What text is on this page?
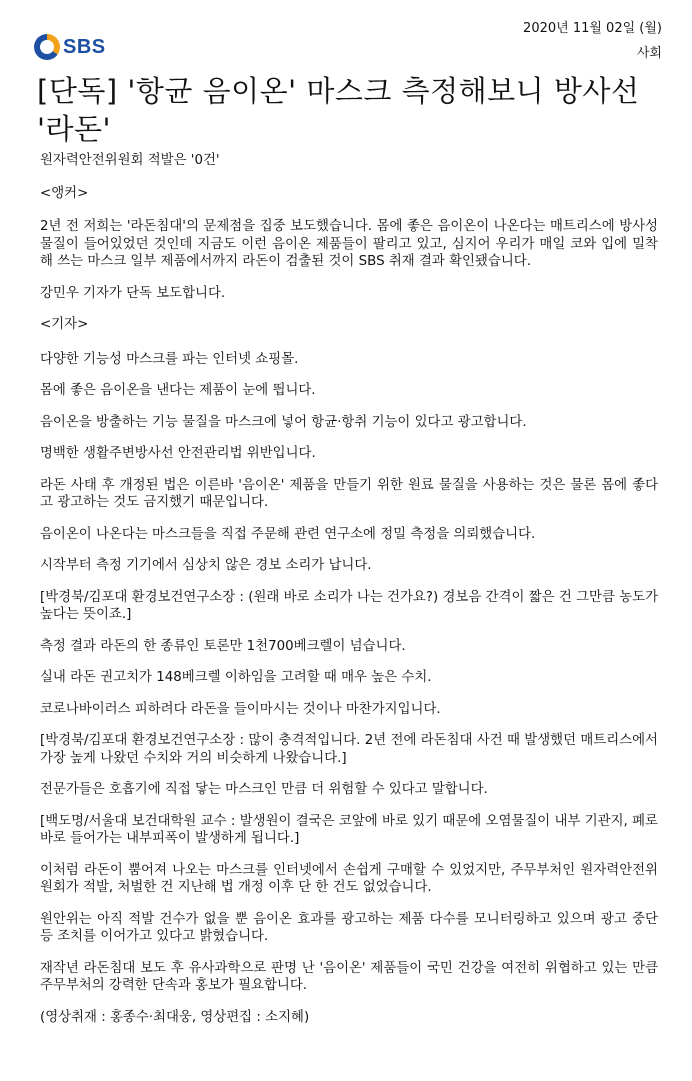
SBS
2020년 11월 02일 (월)
사회
[단독] '항균 음이온' 마스크 측정해보니 방사선 '라돈'

원자력안전위원회 적발은 '0건'

<앵커>

2년 전 저희는 '라돈침대'의 문제점을 집중 보도했습니다. 몸에 좋은 음이온이 나온다는 매트리스에 방사성 물질이 들어있었던 것인데 지금도 이런 음이온 제품들이 팔리고 있고, 심지어 우리가 매일 코와 입에 밀착해 쓰는 마스크 일부 제품에서까지 라돈이 검출된 것이 SBS 취재 결과 확인됐습니다.

강민우 기자가 단독 보도합니다.

<기자>

다양한 기능성 마스크를 파는 인터넷 쇼핑몰.

몸에 좋은 음이온을 낸다는 제품이 눈에 띕니다.

음이온을 방출하는 기능 물질을 마스크에 넣어 항균·항취 기능이 있다고 광고합니다.

명백한 생활주변방사선 안전관리법 위반입니다.

라돈 사태 후 개정된 법은 이른바 '음이온' 제품을 만들기 위한 원료 물질을 사용하는 것은 물론 몸에 좋다고 광고하는 것도 금지했기 때문입니다.

음이온이 나온다는 마스크들을 직접 주문해 관련 연구소에 정밀 측정을 의뢰했습니다.

시작부터 측정 기기에서 심상치 않은 경보 소리가 납니다.

[박경북/김포대 환경보건연구소장 : (원래 바로 소리가 나는 건가요?) 경보음 간격이 짧은 건 그만큼 농도가 높다는 뜻이죠.]

측정 결과 라돈의 한 종류인 토론만 1천700베크렐이 넘습니다.

실내 라돈 권고치가 148베크렐 이하임을 고려할 때 매우 높은 수치.

코로나바이러스 피하려다 라돈을 들이마시는 것이나 마찬가지입니다.

[박경북/김포대 환경보건연구소장 : 많이 충격적입니다. 2년 전에 라돈침대 사건 때 발생했던 매트리스에서 가장 높게 나왔던 수치와 거의 비슷하게 나왔습니다.]

전문가들은 호흡기에 직접 닿는 마스크인 만큼 더 위험할 수 있다고 말합니다.

[백도명/서울대 보건대학원 교수 : 발생원이 결국은 코앞에 바로 있기 때문에 오염물질이 내부 기관지, 폐로 바로 들어가는 내부피폭이 발생하게 됩니다.]

이처럼 라돈이 뿜어져 나오는 마스크를 인터넷에서 손쉽게 구매할 수 있었지만, 주무부처인 원자력안전위원회가 적발, 처벌한 건 지난해 법 개정 이후 단 한 건도 없었습니다.

원안위는 아직 적발 건수가 없을 뿐 음이온 효과를 광고하는 제품 다수를 모니터링하고 있으며 광고 중단 등 조치를 이어가고 있다고 밝혔습니다.

재작년 라돈침대 보도 후 유사과학으로 판명 난 '음이온' 제품들이 국민 건강을 여전히 위협하고 있는 만큼 주무부처의 강력한 단속과 홍보가 필요합니다.

(영상취재 : 홍종수·최대웅, 영상편집 : 소지혜)
